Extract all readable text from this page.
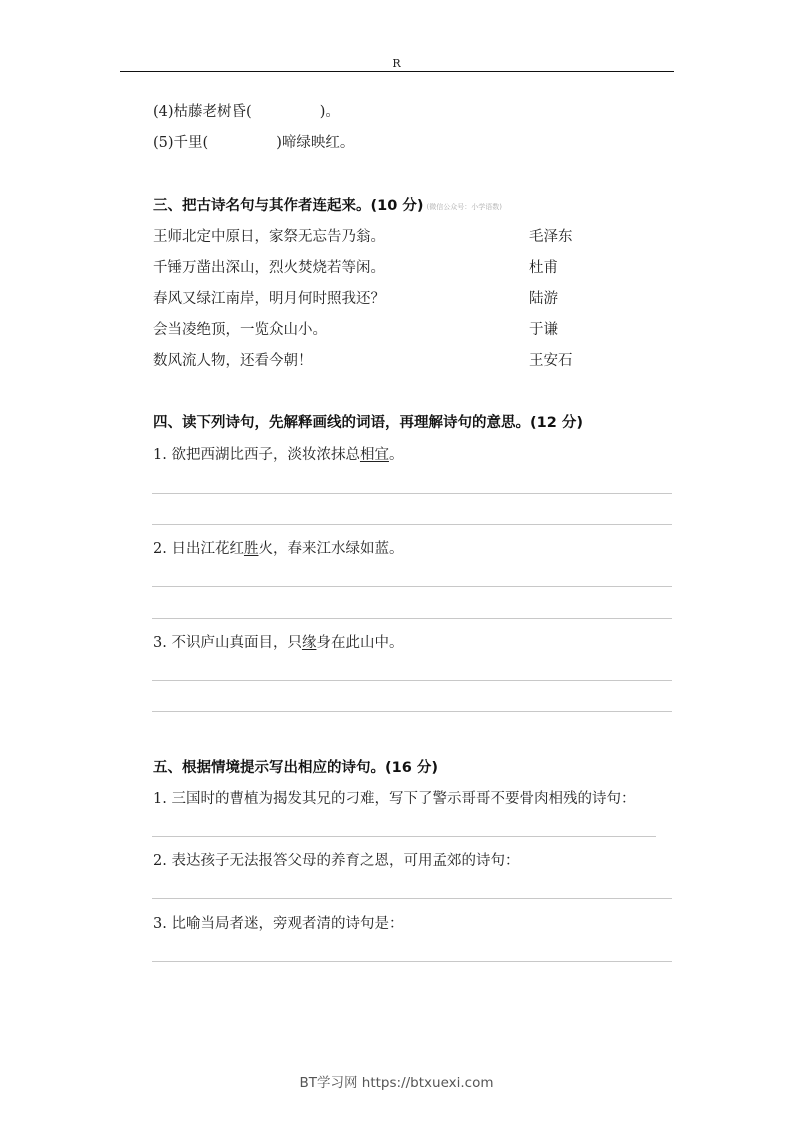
R
(4)枯藤老树昏(	)。
(5)千里(	)啼绿映红。
三、把古诗名句与其作者连起来。(10 分) (微信公众号：小学语数)
王师北定中原日，家祭无忘告乃翁。
千锤万凿出深山，烈火焚烧若等闲。
春风又绿江南岸，明月何时照我还？
会当凌绝顶，一览众山小。
数风流人物，还看今朝！
毛泽东
杜甫
陆游
于谦
王安石
四、读下列诗句，先解释画线的词语，再理解诗句的意思。(12 分)
1. 欲把西湖比西子，淡妆浓抹总相宜。
2. 日出江花红胜火，春来江水绿如蓝。
3. 不识庐山真面目，只缘身在此山中。
五、根据情境提示写出相应的诗句。(16 分)
1. 三国时的曹植为揭发其兄的刁难，写下了警示哥哥不要骨肉相残的诗句：
2. 表达孩子无法报答父母的养育之恩，可用孟郊的诗句：
3. 比喻当局者迷，旁观者清的诗句是：
BT学习网 https://btxuexi.com
